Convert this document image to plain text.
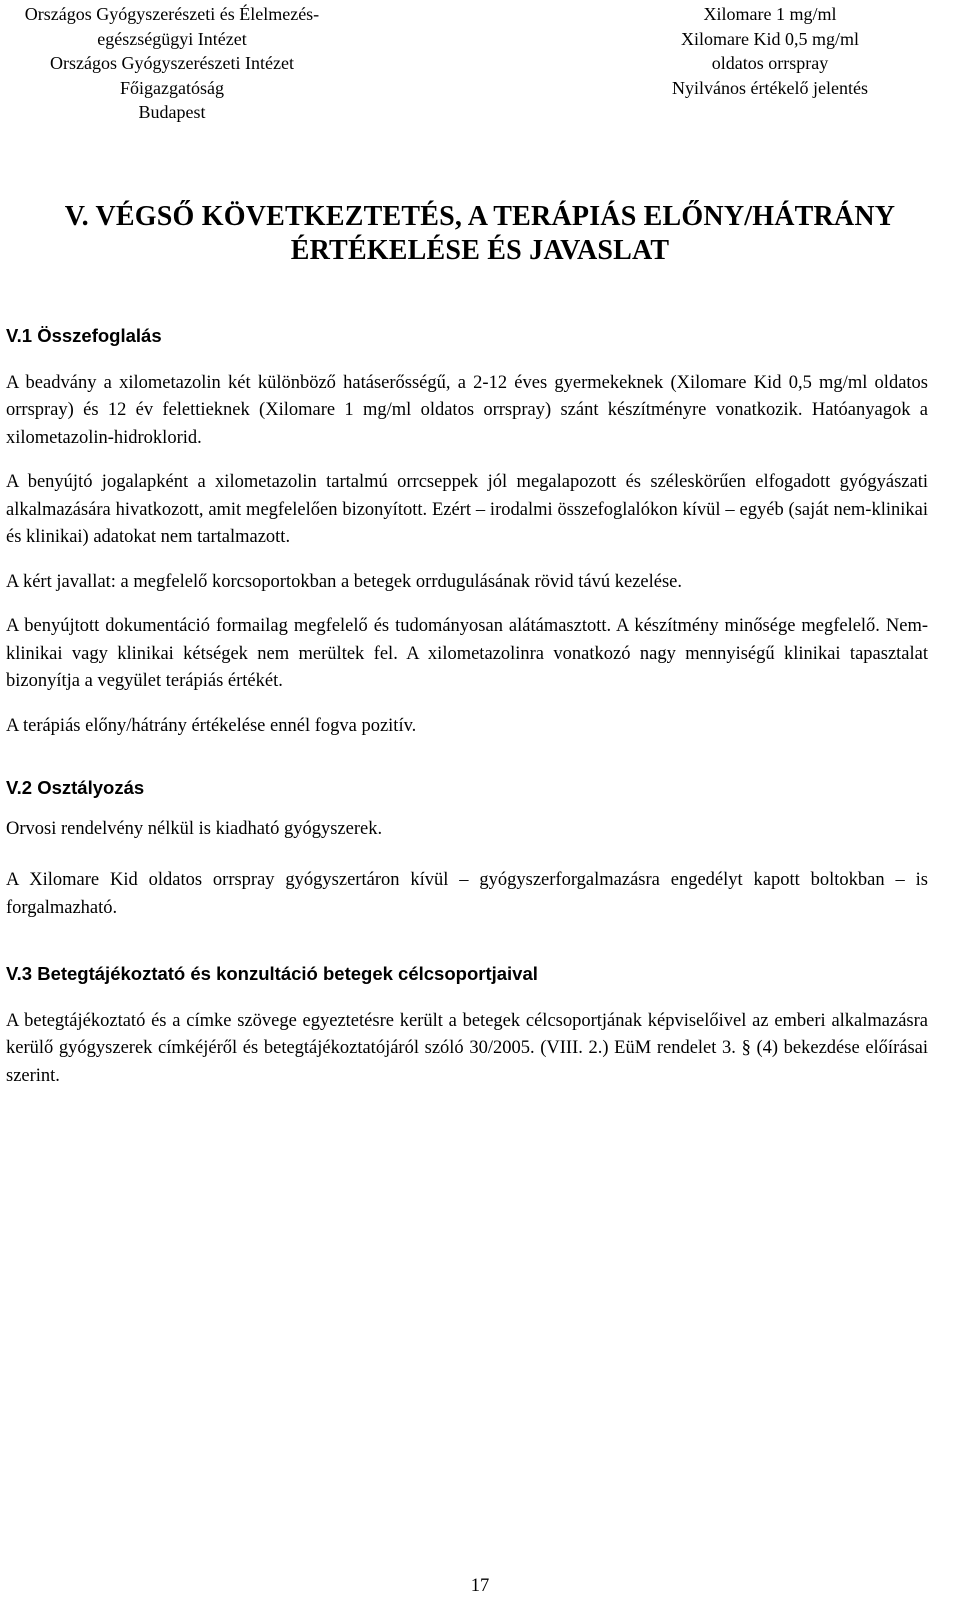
Országos Gyógyszerészeti és Élelmezés-
egészségügyi Intézet
Országos Gyógyszerészeti Intézet
Főigazgatóság
Budapest
Xilomare 1 mg/ml
Xilomare Kid 0,5 mg/ml
oldatos orrspray
Nyilvános értékelő jelentés
V. VÉGSŐ KÖVETKEZTETÉS, A TERÁPIÁS ELŐNY/HÁTRÁNY
ÉRTÉKELÉSE ÉS JAVASLAT
V.1 Összefoglalás

A beadvány a xilometazolin két különböző hatáserősségű, a 2-12 éves gyermekeknek (Xilomare Kid 0,5 mg/ml oldatos orrspray) és 12 év felettieknek (Xilomare 1 mg/ml oldatos orrspray) szánt készítményre vonatkozik. Hatóanyagok a xilometazolin-hidroklorid.

A benyújtó jogalapként a xilometazolin tartalmú orrcseppek jól megalapozott és széleskörűen elfogadott gyógyászati alkalmazására hivatkozott, amit megfelelően bizonyított. Ezért – irodalmi összefoglalókon kívül – egyéb (saját nem-klinikai és klinikai) adatokat nem tartalmazott.

A kért javallat: a megfelelő korcsoportokban a betegek orrdugulásának rövid távú kezelése.

A benyújtott dokumentáció formailag megfelelő és tudományosan alátámasztott. A készítmény minősége megfelelő. Nem-klinikai vagy klinikai kétségek nem merültek fel. A xilometazolinra vonatkozó nagy mennyiségű klinikai tapasztalat bizonyítja a vegyület terápiás értékét.

A terápiás előny/hátrány értékelése ennél fogva pozitív.

V.2 Osztályozás

Orvosi rendelvény nélkül is kiadható gyógyszerek.

A Xilomare Kid oldatos orrspray gyógyszertáron kívül – gyógyszerforgalmazásra engedélyt kapott boltokban – is forgalmazható.

V.3 Betegtájékoztató és konzultáció betegek célcsoportjaival

A betegtájékoztató és a címke szövege egyeztetésre került a betegek célcsoportjának képviselőivel az emberi alkalmazásra kerülő gyógyszerek címkéjéről és betegtájékoztatójáról szóló 30/2005. (VIII. 2.) EüM rendelet 3. § (4) bekezdése előírásai szerint.

17
